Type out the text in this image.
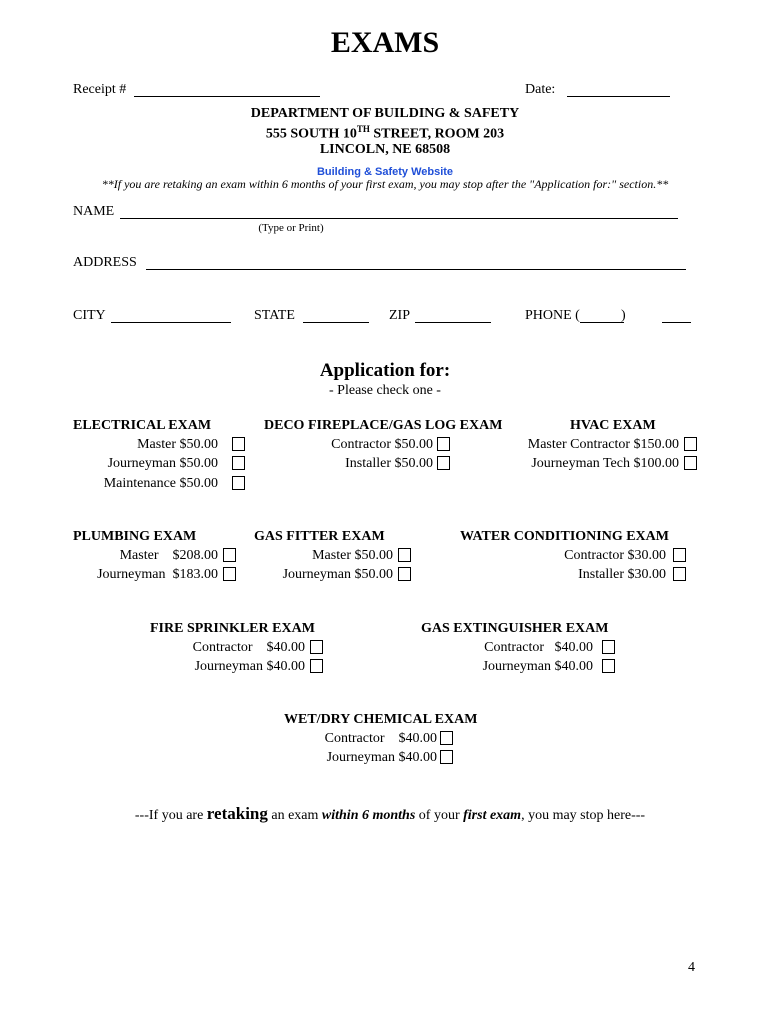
EXAMS
Receipt #	Date:
DEPARTMENT OF BUILDING & SAFETY
555 SOUTH 10TH STREET, ROOM 203
LINCOLN, NE 68508
Building & Safety Website
**If you are retaking an exam within 6 months of your first exam, you may stop after the "Application for:" section.**
NAME
(Type or Print)
ADDRESS
CITY	STATE	ZIP	PHONE (	)
Application for:
- Please check one -
ELECTRICAL EXAM
Master $50.00
Journeyman $50.00
Maintenance $50.00
DECO FIREPLACE/GAS LOG EXAM
Contractor $50.00
Installer $50.00
HVAC EXAM
Master Contractor $150.00
Journeyman Tech $100.00
PLUMBING EXAM
Master    $208.00
Journeyman  $183.00
GAS FITTER EXAM
Master $50.00
Journeyman $50.00
WATER CONDITIONING EXAM
Contractor $30.00
Installer $30.00
FIRE SPRINKLER EXAM
Contractor    $40.00
Journeyman $40.00
GAS EXTINGUISHER EXAM
Contractor   $40.00
Journeyman $40.00
WET/DRY CHEMICAL EXAM
Contractor    $40.00
Journeyman $40.00
---If you are retaking an exam within 6 months of your first exam, you may stop here---
4
